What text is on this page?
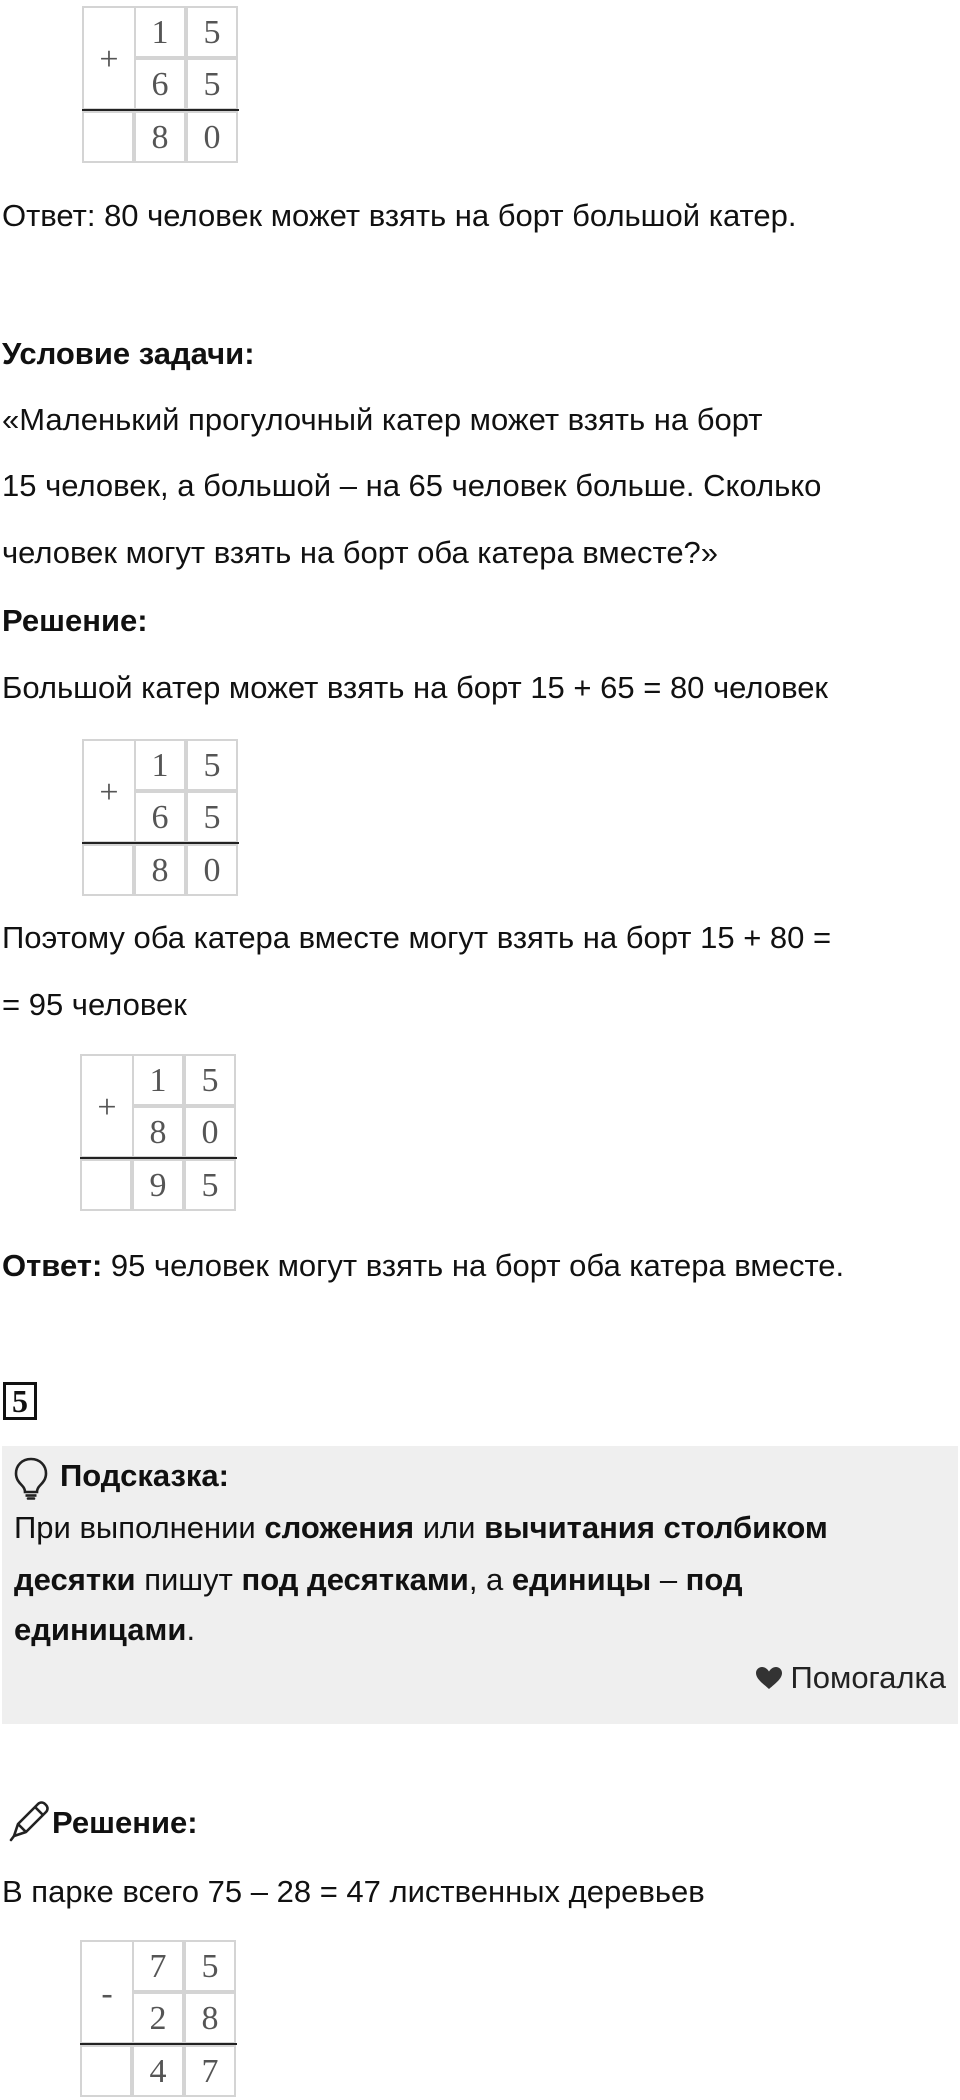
+
1	5
6	5
8	0
Ответ: 80 человек может взять на борт большой катер.
Условие задачи:
«Маленький прогулочный катер может взять на борт
15 человек, а большой – на 65 человек больше. Сколько
человек могут взять на борт оба катера вместе?»
Решение:
Большой катер может взять на борт 15 + 65 = 80 человек
+
1	5
6	5
8	0
Поэтому оба катера вместе могут взять на борт 15 + 80 =
= 95 человек
+
1	5
8	0
9	5
Ответ: 95 человек могут взять на борт оба катера вместе.
5
Подсказка:
При выполнении сложения или вычитания столбиком
десятки пишут под десятками, а единицы – под
единицами.
Помогалка
Решение:
В парке всего 75 – 28 = 47 лиственных деревьев
-
7	5
2	8
4	7
